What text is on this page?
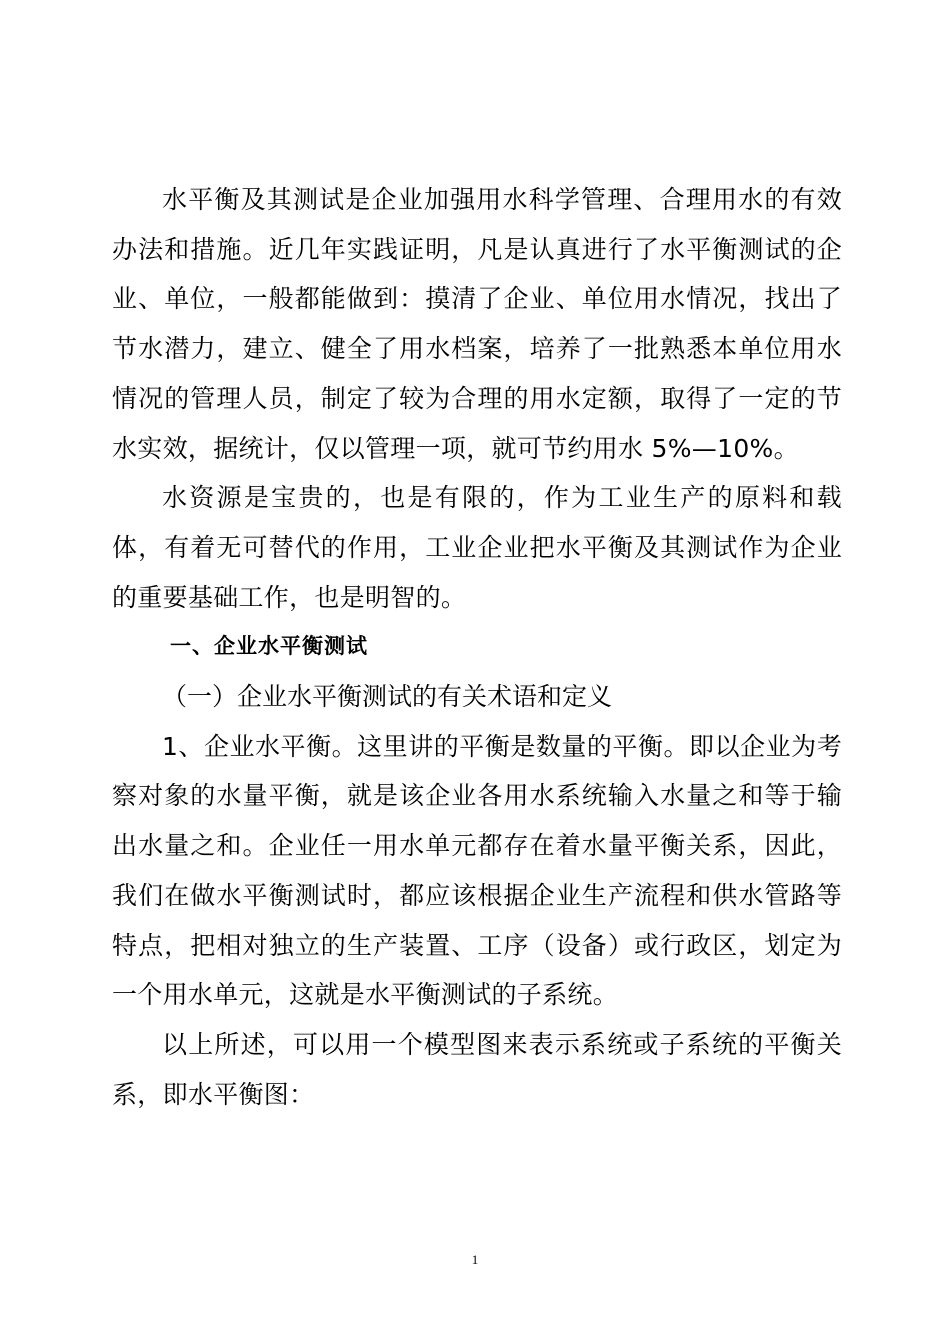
水平衡及其测试是企业加强用水科学管理、合理用水的有效办法和措施。近几年实践证明，凡是认真进行了水平衡测试的企业、单位，一般都能做到：摸清了企业、单位用水情况，找出了节水潜力，建立、健全了用水档案，培养了一批熟悉本单位用水情况的管理人员，制定了较为合理的用水定额，取得了一定的节水实效，据统计，仅以管理一项，就可节约用水 5%—10%。

水资源是宝贵的，也是有限的，作为工业生产的原料和载体，有着无可替代的作用，工业企业把水平衡及其测试作为企业的重要基础工作，也是明智的。

一、企业水平衡测试

（一）企业水平衡测试的有关术语和定义

1、企业水平衡。这里讲的平衡是数量的平衡。即以企业为考察对象的水量平衡，就是该企业各用水系统输入水量之和等于输出水量之和。企业任一用水单元都存在着水量平衡关系，因此，我们在做水平衡测试时，都应该根据企业生产流程和供水管路等特点，把相对独立的生产装置、工序（设备）或行政区，划定为一个用水单元，这就是水平衡测试的子系统。

以上所述，可以用一个模型图来表示系统或子系统的平衡关系，即水平衡图：

1
